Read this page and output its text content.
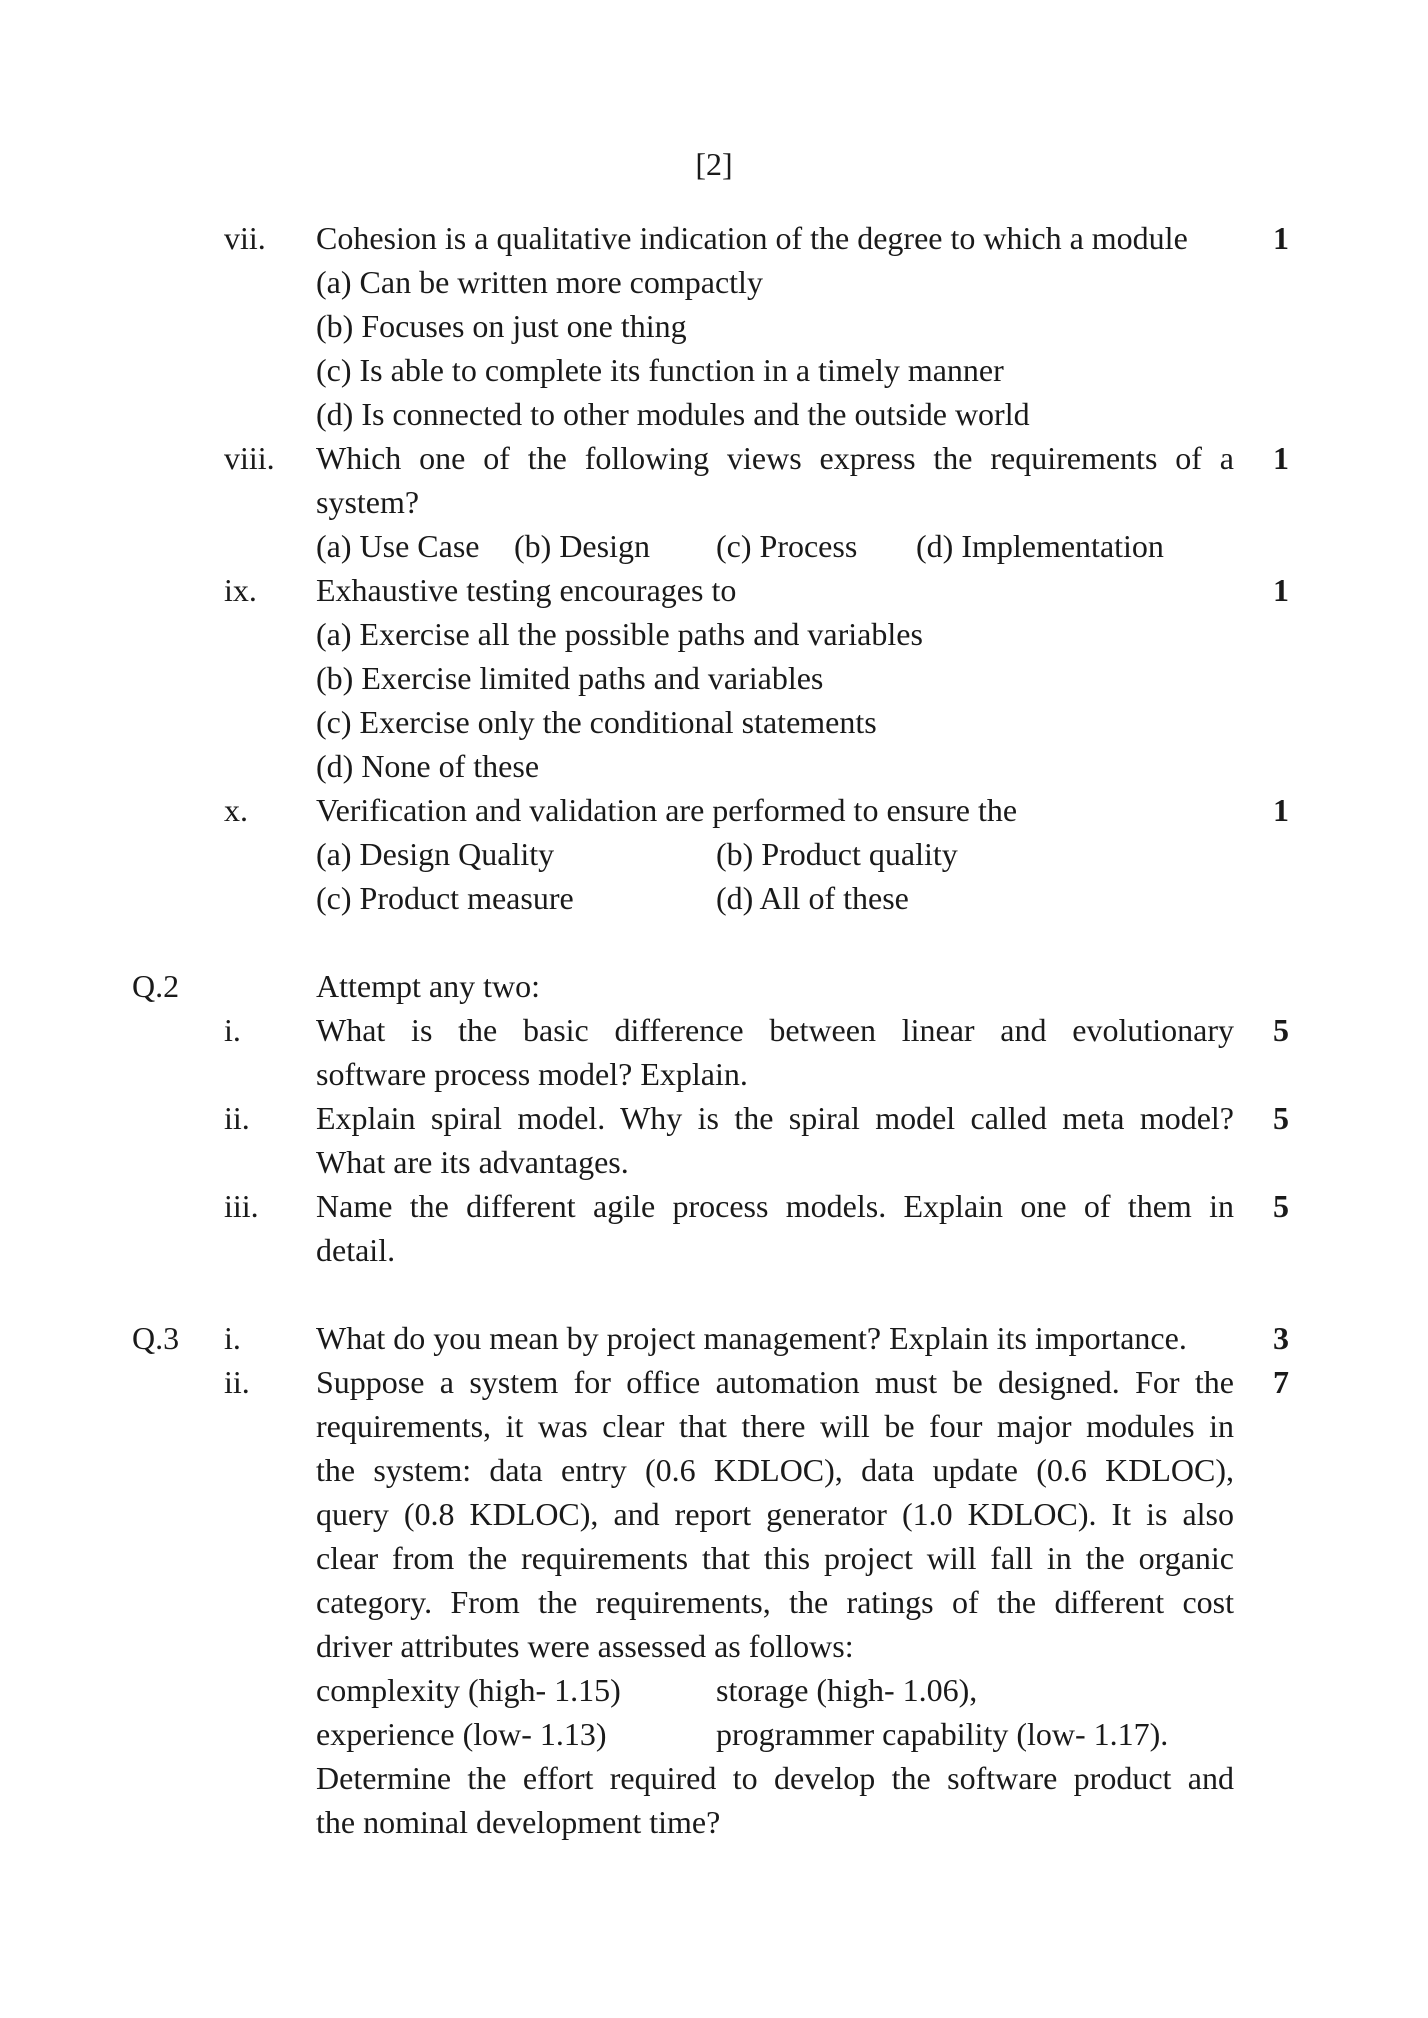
[2]
vii. Cohesion is a qualitative indication of the degree to which a module	1
(a) Can be written more compactly
(b) Focuses on just one thing
(c) Is able to complete its function in a timely manner
(d) Is connected to other modules and the outside world
viii. Which one of the following views express the requirements of a 1
system?
(a) Use Case (b) Design (c) Process (d) Implementation
ix. Exhaustive testing encourages to	1
(a) Exercise all the possible paths and variables
(b) Exercise limited paths and variables
(c) Exercise only the conditional statements
(d) None of these
x. Verification and validation are performed to ensure the	1
(a) Design Quality	(b) Product quality
(c) Product measure	(d) All of these
Q.2	Attempt any two:
i. What is the basic difference between linear and evolutionary 5
software process model? Explain.
ii. Explain spiral model. Why is the spiral model called meta model? 5
What are its advantages.
iii. Name the different agile process models. Explain one of them in 5
detail.
Q.3 i. What do you mean by project management? Explain its importance.	3
ii. Suppose a system for office automation must be designed. For the 7
requirements, it was clear that there will be four major modules in
the system: data entry (0.6 KDLOC), data update (0.6 KDLOC),
query (0.8 KDLOC), and report generator (1.0 KDLOC). It is also
clear from the requirements that this project will fall in the organic
category. From the requirements, the ratings of the different cost
driver attributes were assessed as follows:
complexity (high- 1.15)	storage (high- 1.06),
experience (low- 1.13)	programmer capability (low- 1.17).
Determine the effort required to develop the software product and
the nominal development time?
